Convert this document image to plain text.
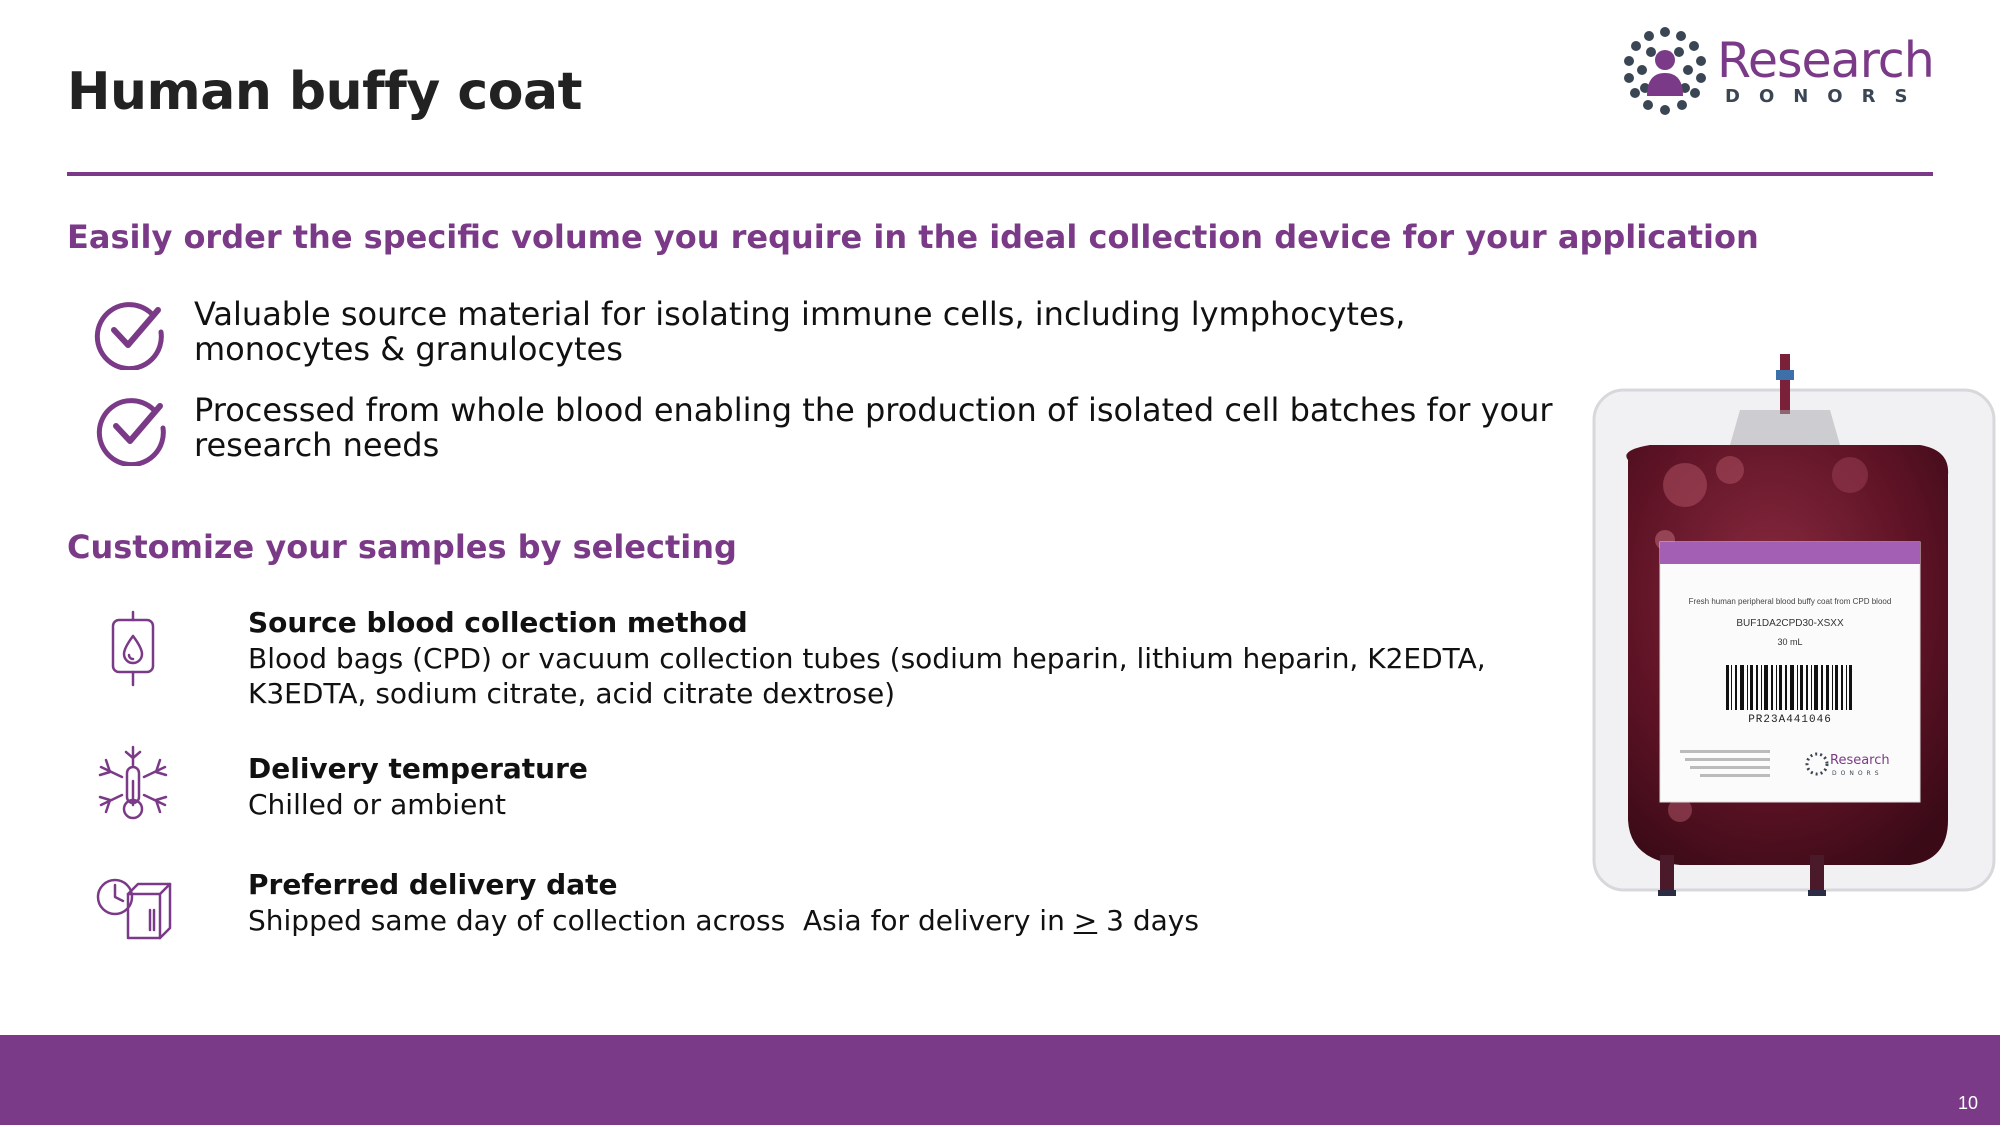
Human buffy coat
Research
DONORS
Easily order the specific volume you require in the ideal collection device for your application
Valuable source material for isolating immune cells, including lymphocytes, monocytes & granulocytes
Processed from whole blood enabling the production of isolated cell batches for your research needs
Customize your samples by selecting
Source blood collection method
Blood bags (CPD) or vacuum collection tubes (sodium heparin, lithium heparin, K2EDTA, K3EDTA, sodium citrate, acid citrate dextrose)
Delivery temperature
Chilled or ambient
Preferred delivery date
Shipped same day of collection across  Asia for delivery in ≥ 3 days
Fresh human peripheral blood buffy coat from CPD blood
BUF1DA2CPD30-XSXX
30 mL
PR23A441046
Research
DONORS
10
